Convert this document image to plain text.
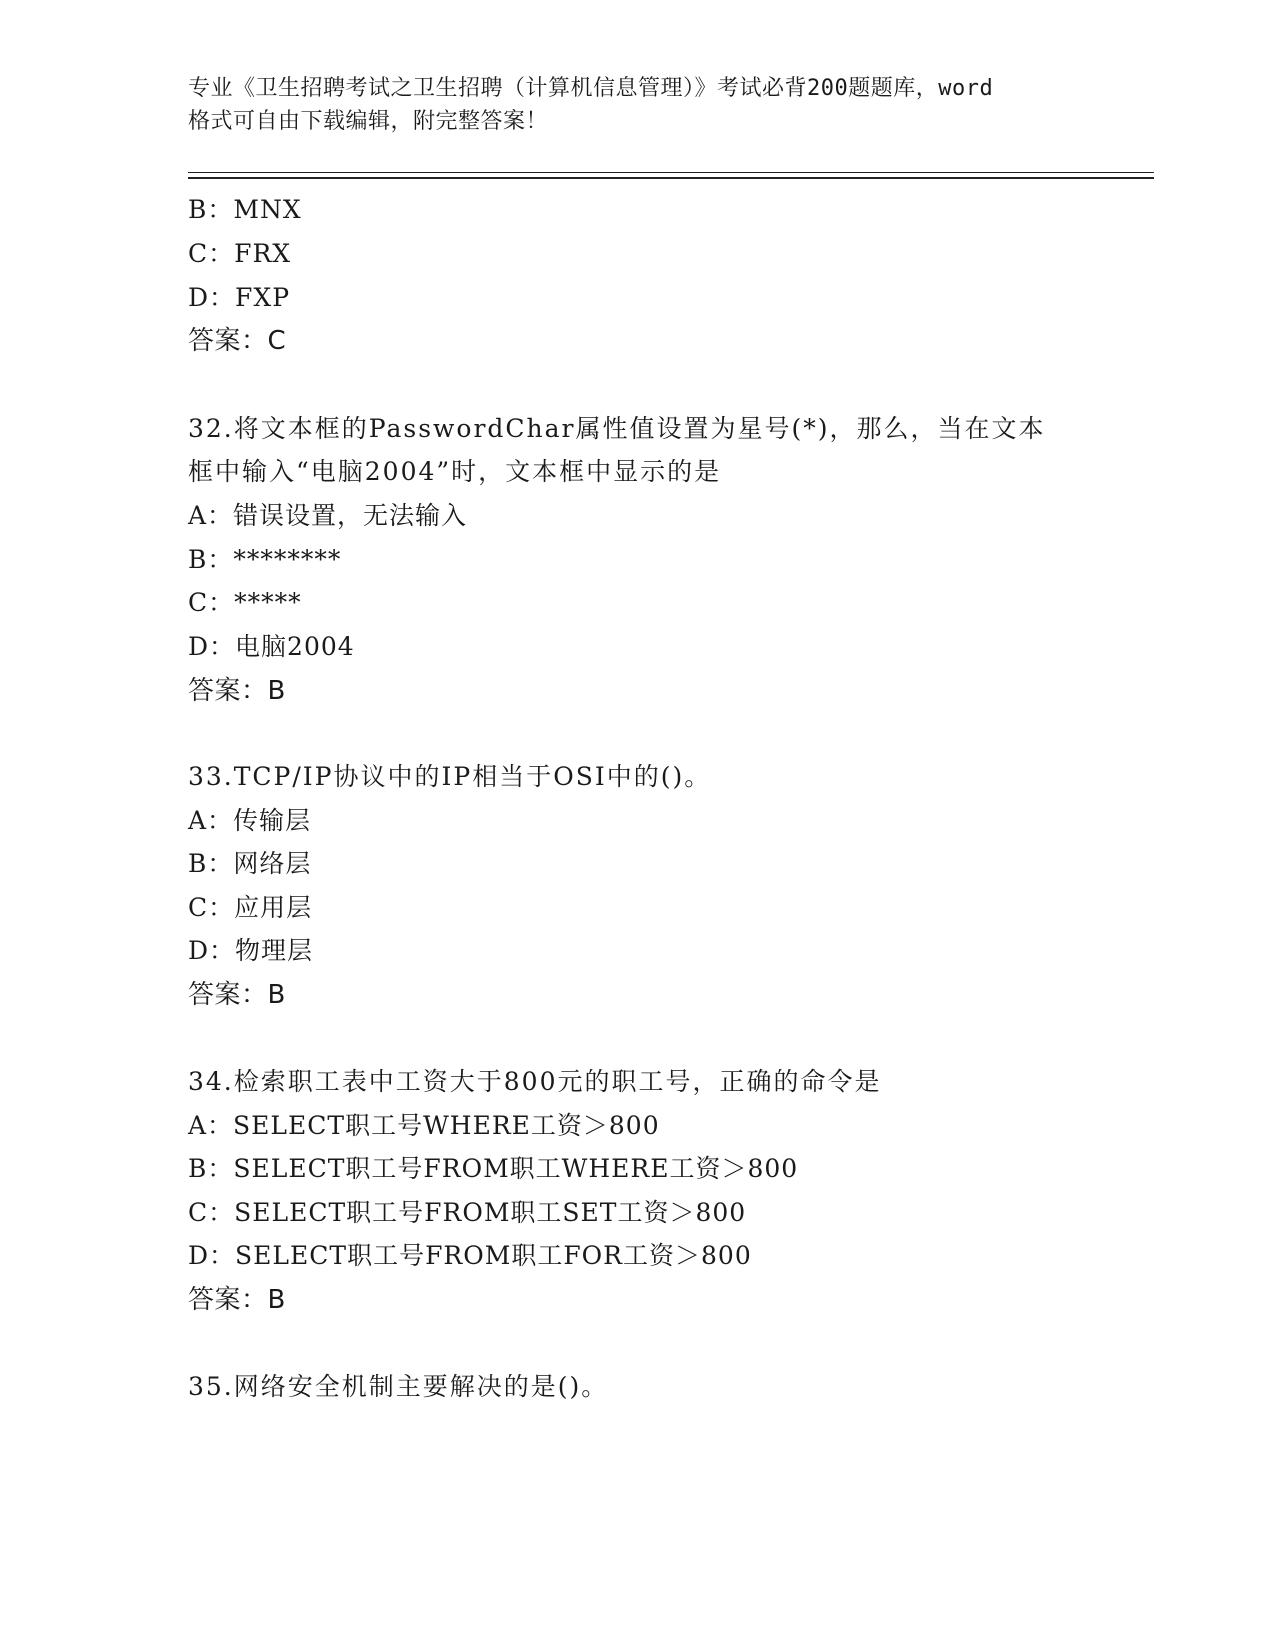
专业《卫生招聘考试之卫生招聘（计算机信息管理）》考试必背200题题库，word
格式可自由下载编辑，附完整答案！
B：MNX
C：FRX
D：FXP
答案：C
32.将文本框的PasswordChar属性值设置为星号(*)，那么，当在文本
框中输入“电脑2004”时，文本框中显示的是
A：错误设置，无法输入
B：********
C：*****
D：电脑2004
答案：B
33.TCP/IP协议中的IP相当于OSI中的()。
A：传输层
B：网络层
C：应用层
D：物理层
答案：B
34.检索职工表中工资大于800元的职工号，正确的命令是
A：SELECT职工号WHERE工资＞800
B：SELECT职工号FROM职工WHERE工资＞800
C：SELECT职工号FROM职工SET工资＞800
D：SELECT职工号FROM职工FOR工资＞800
答案：B
35.网络安全机制主要解决的是()。
